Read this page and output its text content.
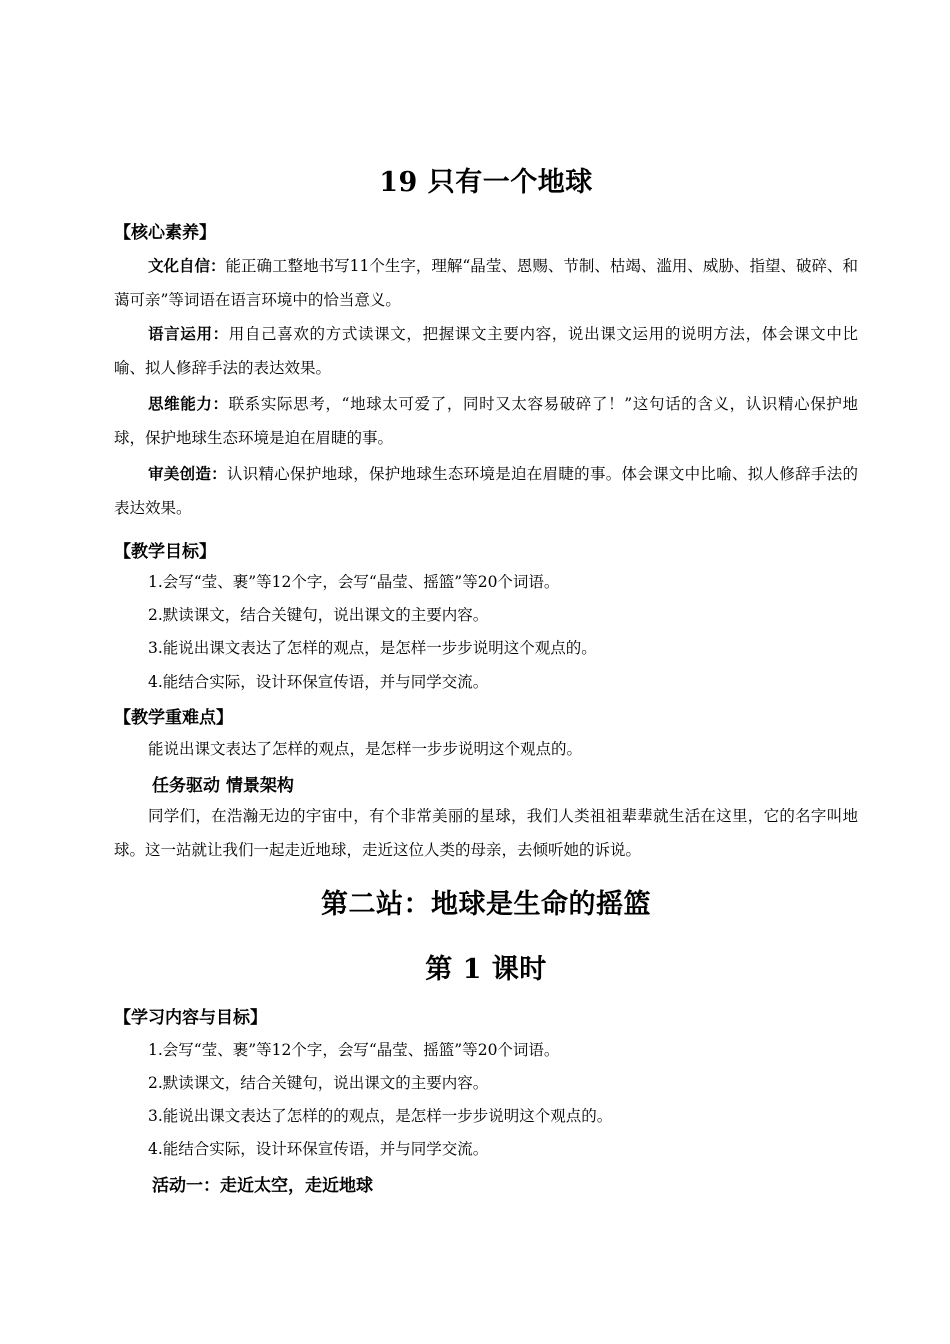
19 只有一个地球
【核心素养】
文化自信：能正确工整地书写11个生字，理解“晶莹、恩赐、节制、枯竭、滥用、威胁、指望、破碎、和蔼可亲”等词语在语言环境中的恰当意义。
语言运用：用自己喜欢的方式读课文，把握课文主要内容，说出课文运用的说明方法，体会课文中比喻、拟人修辞手法的表达效果。
思维能力：联系实际思考，“地球太可爱了，同时又太容易破碎了！”这句话的含义，认识精心保护地球，保护地球生态环境是迫在眉睫的事。
审美创造：认识精心保护地球，保护地球生态环境是迫在眉睫的事。体会课文中比喻、拟人修辞手法的表达效果。
【教学目标】
1.会写“莹、裹”等12个字，会写“晶莹、摇篮”等20个词语。
2.默读课文，结合关键句，说出课文的主要内容。
3.能说出课文表达了怎样的观点，是怎样一步步说明这个观点的。
4.能结合实际，设计环保宣传语，并与同学交流。
【教学重难点】
能说出课文表达了怎样的观点，是怎样一步步说明这个观点的。
任务驱动 情景架构
同学们，在浩瀚无边的宇宙中，有个非常美丽的星球，我们人类祖祖辈辈就生活在这里，它的名字叫地球。这一站就让我们一起走近地球，走近这位人类的母亲，去倾听她的诉说。
第二站：地球是生命的摇篮
第 1 课时
【学习内容与目标】
1.会写“莹、裹”等12个字，会写“晶莹、摇篮”等20个词语。
2.默读课文，结合关键句，说出课文的主要内容。
3.能说出课文表达了怎样的的观点，是怎样一步步说明这个观点的。
4.能结合实际，设计环保宣传语，并与同学交流。
活动一：走近太空，走近地球
